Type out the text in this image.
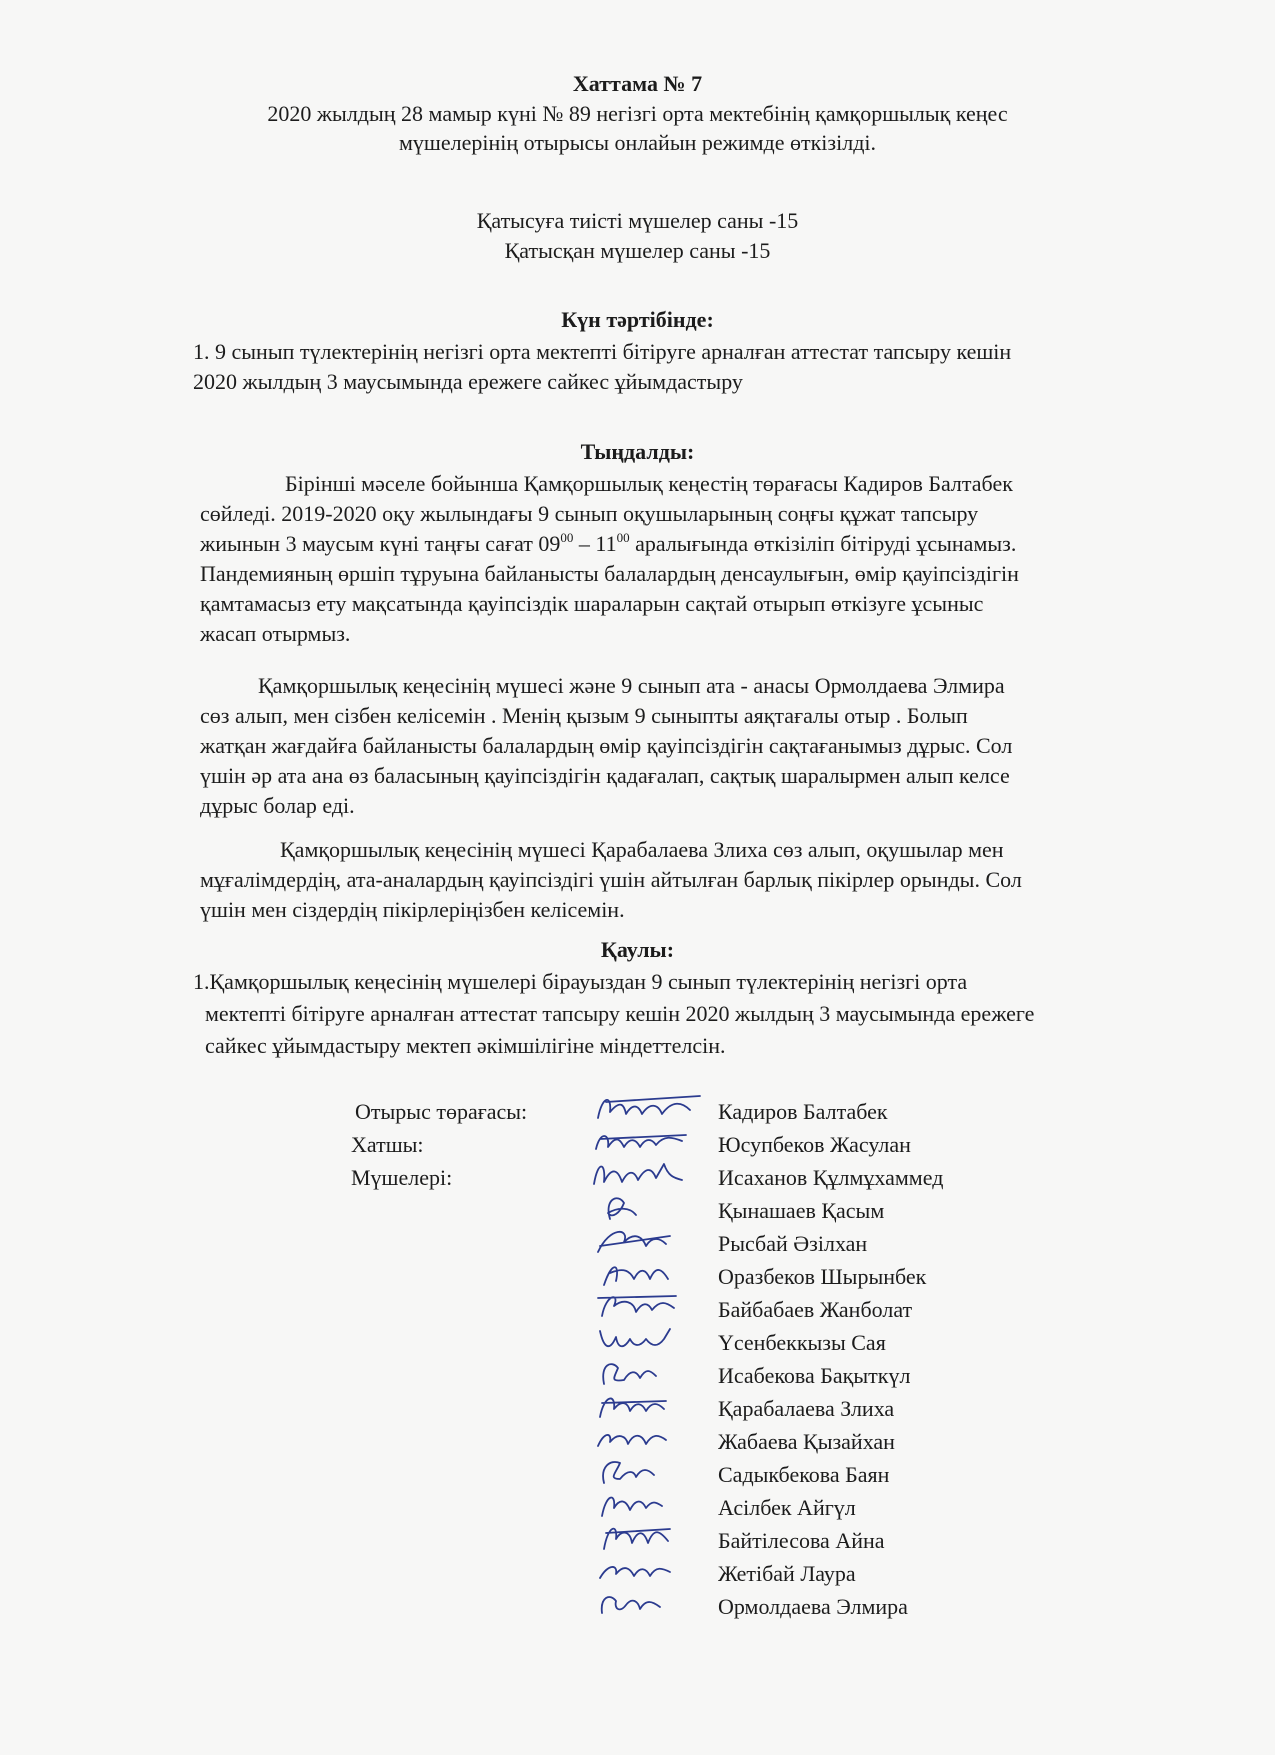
Хаттама № 7
2020 жылдың 28 мамыр күні № 89 негізгі орта мектебінің қамқоршылық кеңес
мүшелерінің отырысы онлайын режимде өткізілді.
Қатысуға тиісті мүшелер саны -15
Қатысқан мүшелер саны -15
Күн тәртібінде:
1. 9 сынып түлектерінің негізгі орта мектепті бітіруге арналған аттестат тапсыру кешін
2020 жылдың 3 маусымында ережеге сайкес ұйымдастыру
Тыңдалды:
Бірінші мәселе бойынша Қамқоршылық кеңестің төрағасы Кадиров Балтабек
сөйледі. 2019-2020 оқу жылындағы 9 сынып оқушыларының соңғы құжат тапсыру
жиынын 3 маусым күні таңғы сағат $09^{00} - 11^{00}$ аралығында өткізіліп бітіруді ұсынамыз.
Пандемияның өршіп тұруына байланысты балалардың денсаулығын, өмір қауіпсіздігін
қамтамасыз ету мақсатында қауіпсіздік шараларын сақтай отырып өткізуге ұсыныс
жасап отырмыз.
Қамқоршылық кеңесінің мүшесі және 9 сынып ата - анасы Ормолдаева Элмира
сөз алып, мен сізбен келісемін . Менің қызым 9 сыныпты аяқтағалы отыр . Болып
жатқан жағдайға байланысты балалардың өмір қауіпсіздігін сақтағанымыз дұрыс. Сол
үшін әр ата ана өз баласының қауіпсіздігін қадағалап, сақтық шаралырмен алып келсе
дұрыс болар еді.
Қамқоршылық кеңесінің мүшесі Қарабалаева Злиха сөз алып, оқушылар мен
мұғалімдердің, ата-аналардың қауіпсіздігі үшін айтылған барлық пікірлер орынды. Сол
үшін мен сіздердің пікірлеріңізбен келісемін.
Қаулы:
1.Қамқоршылық кеңесінің мүшелері бірауыздан 9 сынып түлектерінің негізгі орта
мектепті бітіруге арналған аттестат тапсыру кешін 2020 жылдың 3 маусымында ережеге
сайкес ұйымдастыру мектеп әкімшілігіне міндеттелсін.
Отырыс төрағасы:
Хатшы:
Мүшелері:
Кадиров Балтабек
Юсупбеков Жасулан
Исаханов Құлмұхаммед
Қынашаев Қасым
Рысбай Әзілхан
Оразбеков Шырынбек
Байбабаев Жанболат
Үсенбеккызы Сая
Исабекова Бақыткүл
Қарабалаева Злиха
Жабаева Қызайхан
Садыкбекова Баян
Асілбек Айгүл
Байтілесова Айна
Жетібай Лаура
Ормолдаева Элмира
